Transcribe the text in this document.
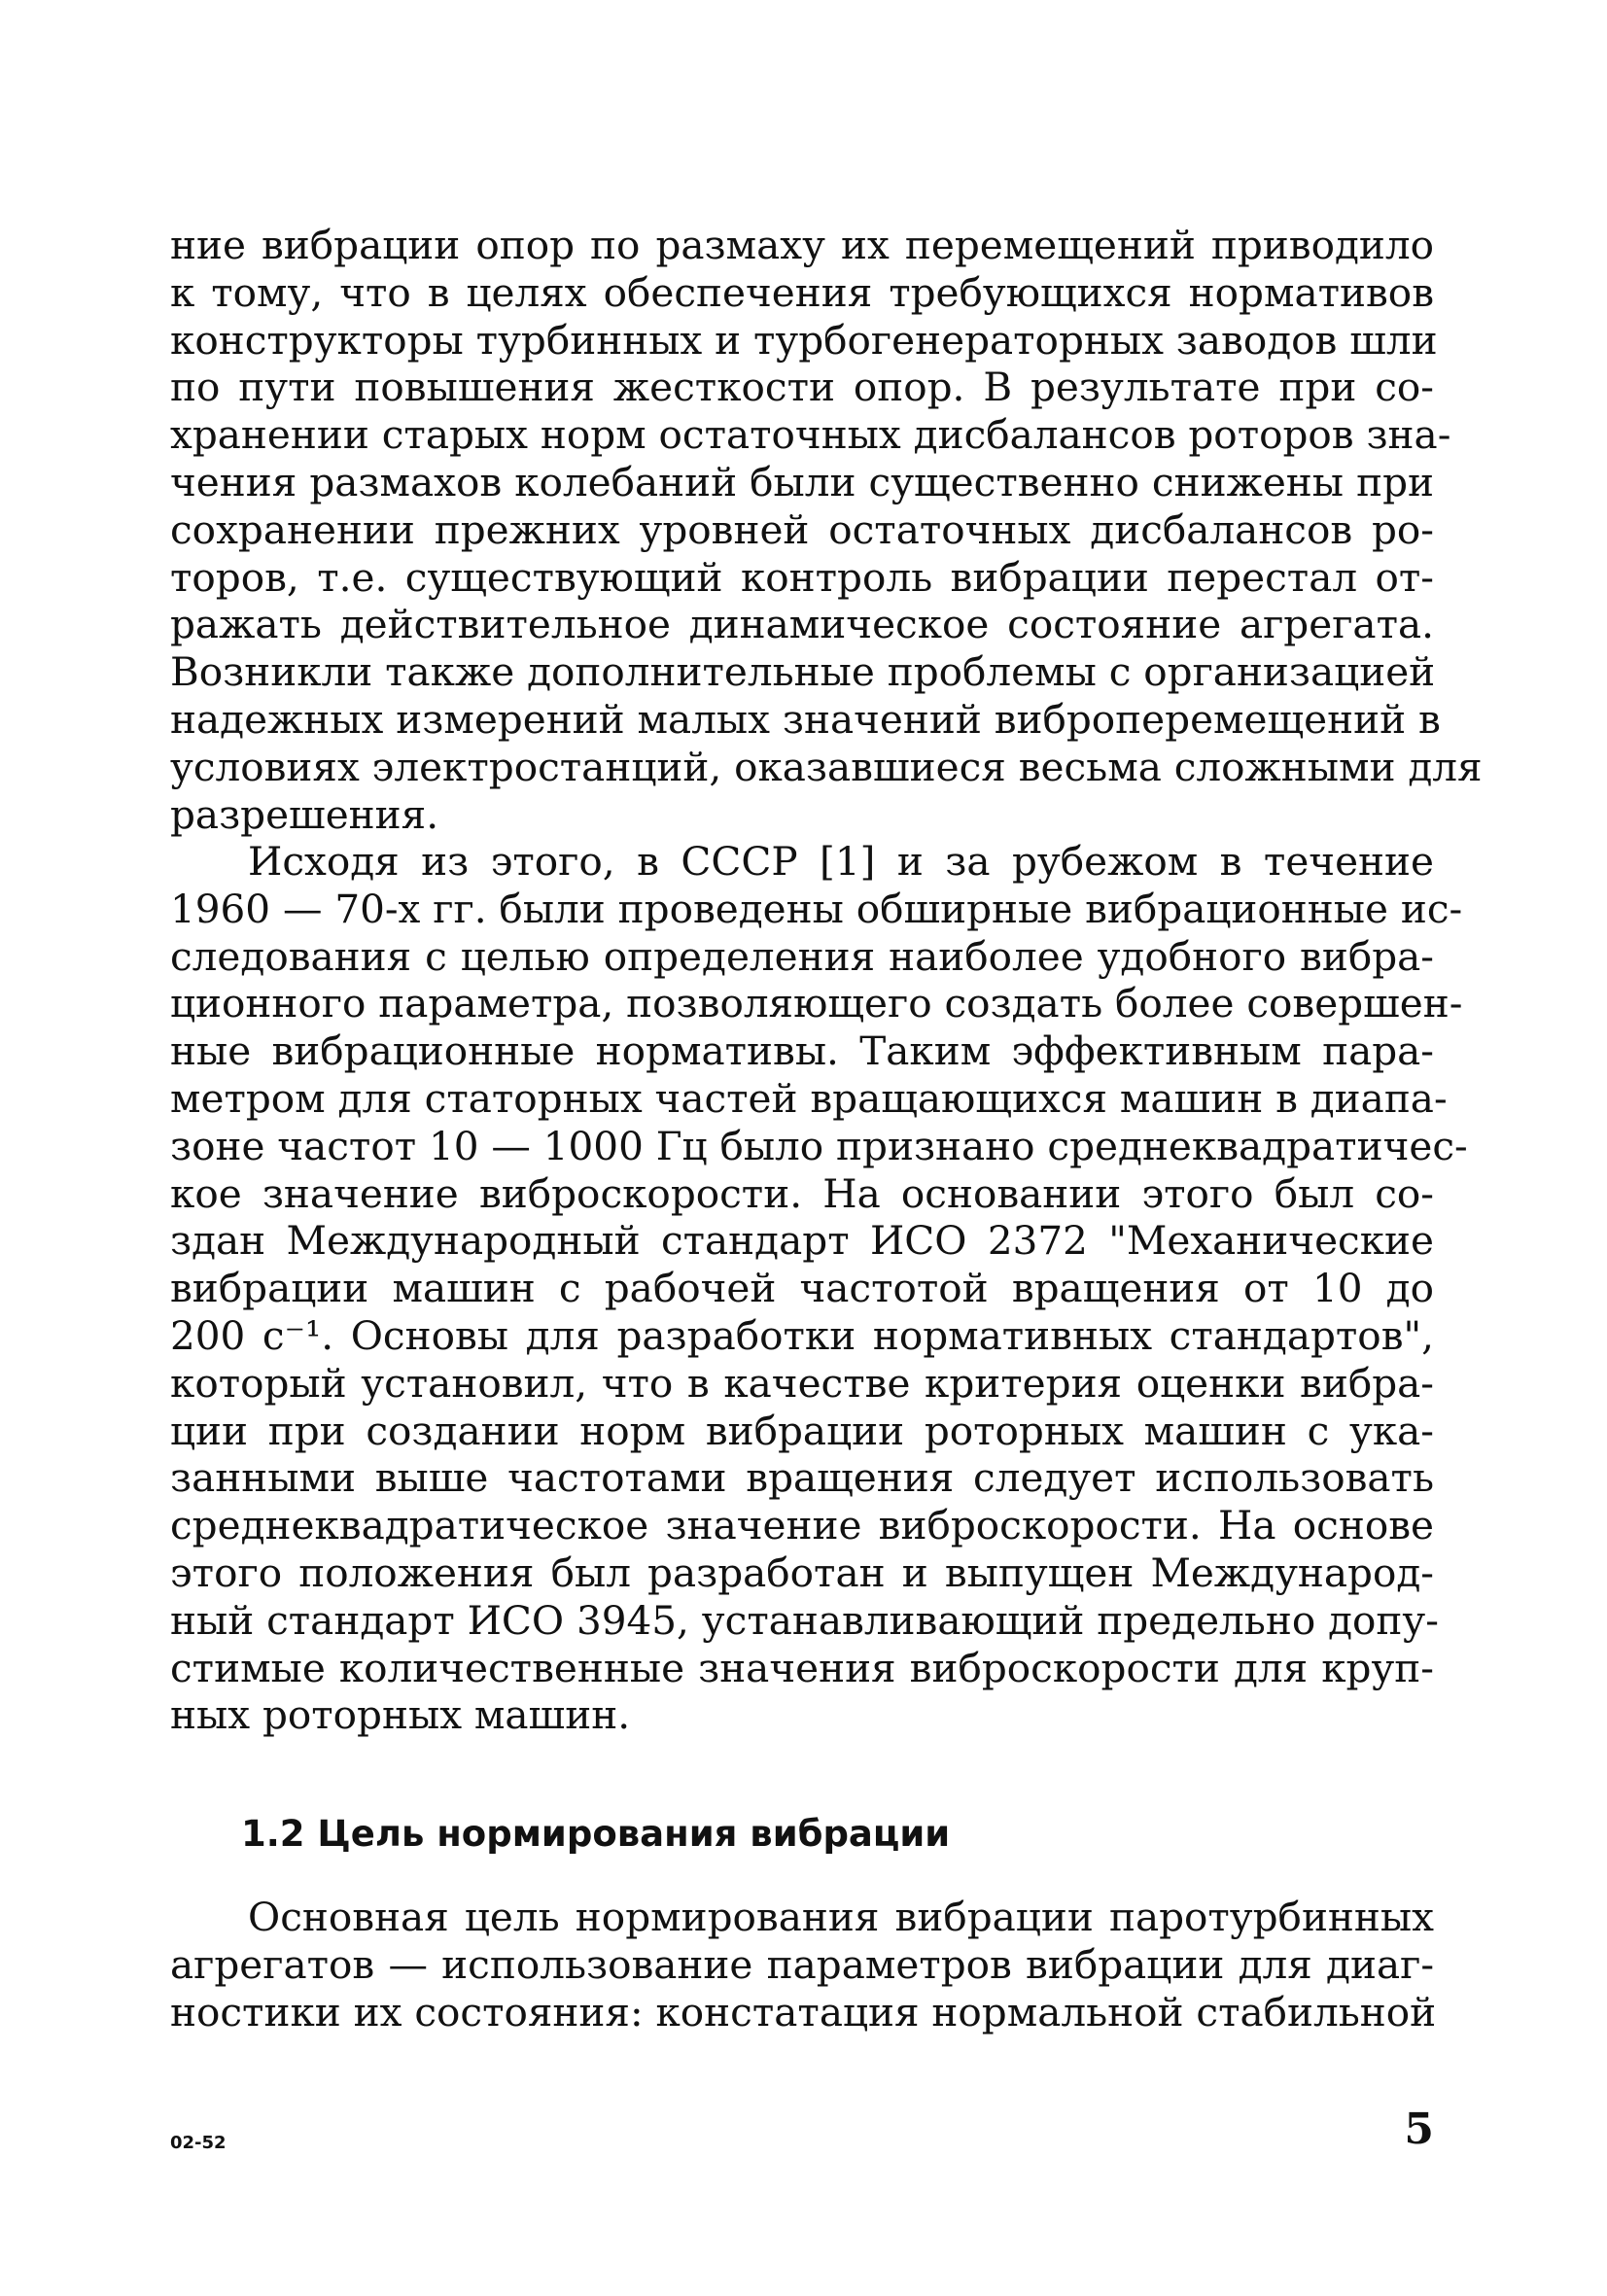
ние вибрации опор по размаху их перемещений приводило
к тому, что в целях обеспечения требующихся нормативов
конструкторы турбинных и турбогенераторных заводов шли
по пути повышения жесткости опор. В результате при со-
хранении старых норм остаточных дисбалансов роторов зна-
чения размахов колебаний были существенно снижены при
сохранении прежних уровней остаточных дисбалансов ро-
торов, т.е. существующий контроль вибрации перестал от-
ражать действительное динамическое состояние агрегата.
Возникли также дополнительные проблемы с организацией
надежных измерений малых значений виброперемещений в
условиях электростанций, оказавшиеся весьма сложными для
разрешения.
Исходя из этого, в СССР [1] и за рубежом в течение
1960 — 70-х гг. были проведены обширные вибрационные ис-
следования с целью определения наиболее удобного вибра-
ционного параметра, позволяющего создать более совершен-
ные вибрационные нормативы. Таким эффективным пара-
метром для статорных частей вращающихся машин в диапа-
зоне частот 10 — 1000 Гц было признано среднеквадратичес-
кое значение виброскорости. На основании этого был со-
здан Международный стандарт ИСО 2372 "Механические
вибрации машин с рабочей частотой вращения от 10 до
200 с⁻¹. Основы для разработки нормативных стандартов",
который установил, что в качестве критерия оценки вибра-
ции при создании норм вибрации роторных машин с ука-
занными выше частотами вращения следует использовать
среднеквадратическое значение виброскорости. На основе
этого положения был разработан и выпущен Международ-
ный стандарт ИСО 3945, устанавливающий предельно допу-
стимые количественные значения виброскорости для круп-
ных роторных машин.
1.2 Цель нормирования вибрации
Основная цель нормирования вибрации паротурбинных
агрегатов — использование параметров вибрации для диаг-
ностики их состояния: констатация нормальной стабильной
02-52	5
